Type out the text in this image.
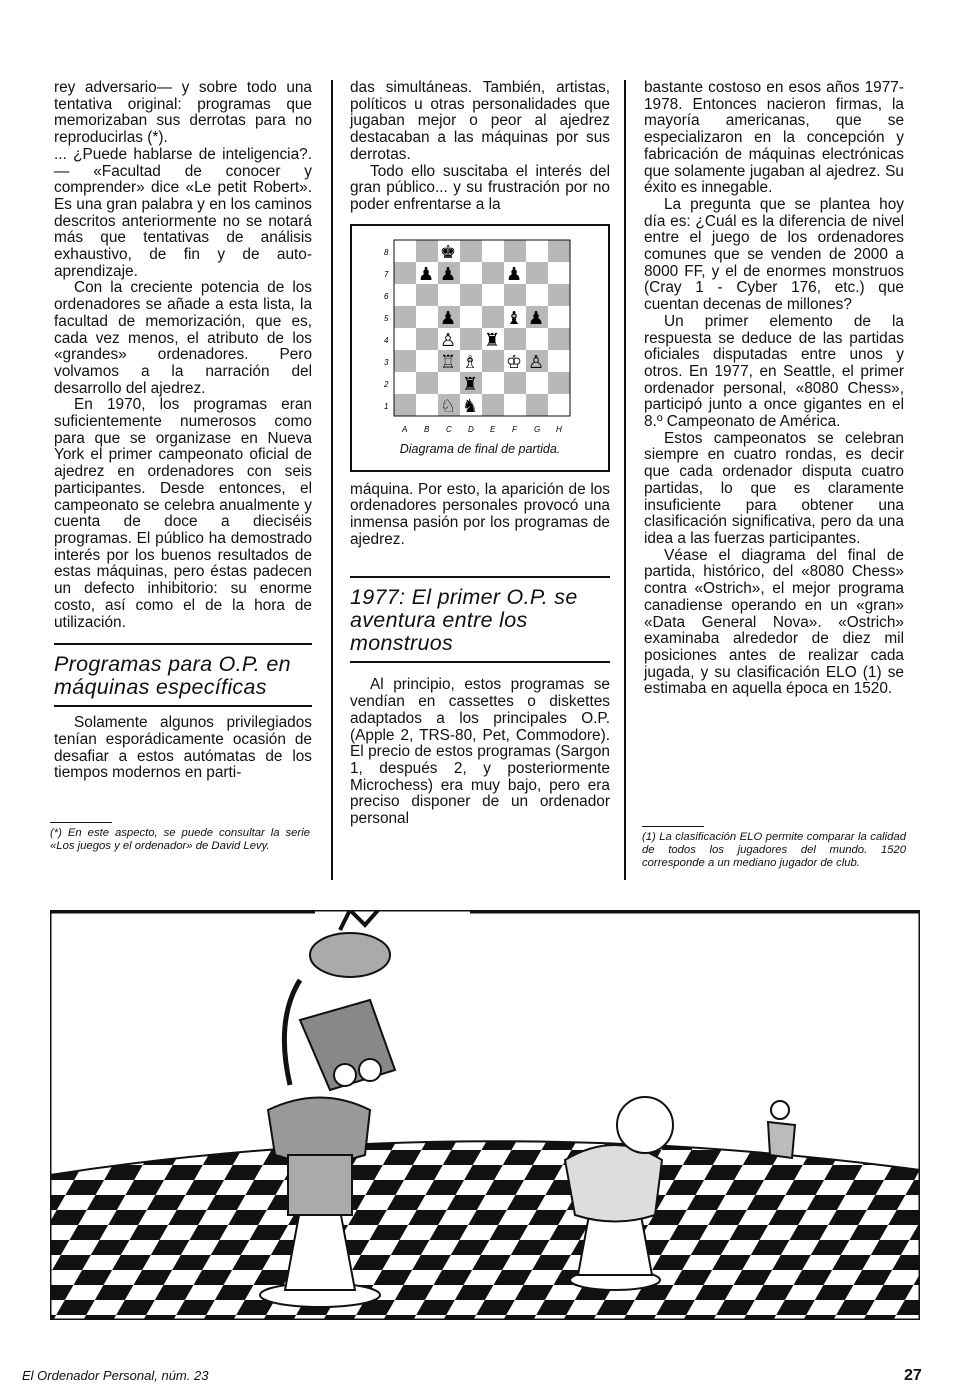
rey adversario— y sobre todo una tentativa original: programas que memorizaban sus derrotas para no reproducirlas (*).

... ¿Puede hablarse de inteligencia?.— «Facultad de conocer y comprender» dice «Le petit Robert». Es una gran palabra y en los caminos descritos anteriormente no se notará más que tentativas de análisis exhaustivo, de fin y de auto-aprendizaje.

Con la creciente potencia de los ordenadores se añade a esta lista, la facultad de memorización, que es, cada vez menos, el atributo de los «grandes» ordenadores. Pero volvamos a la narración del desarrollo del ajedrez.

En 1970, los programas eran suficientemente numerosos como para que se organizase en Nueva York el primer campeonato oficial de ajedrez en ordenadores con seis participantes. Desde entonces, el campeonato se celebra anualmente y cuenta de doce a dieciséis programas. El público ha demostrado interés por los buenos resultados de estas máquinas, pero éstas padecen un defecto inhibitorio: su enorme costo, así como el de la hora de utilización.

Programas para O.P. en máquinas específicas

Solamente algunos privilegiados tenían esporádicamente ocasión de desafiar a estos autómatas de los tiempos modernos en parti-

(*) En este aspecto, se puede consultar la serie «Los juegos y el ordenador» de David Levy.

das simultáneas. También, artistas, políticos u otras personalidades que jugaban mejor o peor al ajedrez destacaban a las máquinas por sus derrotas.

Todo ello suscitaba el interés del gran público... y su frustración por no poder enfrentarse a la

8
7
6
5
4
3
2
1
A B C D E F G H
♚
♟ ♟	♟
♟	♝ ♟
♙ ♜
♖ ♗ ♔ ♙
♜
♘ ♞
Diagrama de final de partida.

máquina. Por esto, la aparición de los ordenadores personales provocó una inmensa pasión por los programas de ajedrez.

1977: El primer O.P. se aventura entre los monstruos

Al principio, estos programas se vendían en cassettes o diskettes adaptados a los principales O.P. (Apple 2, TRS-80, Pet, Commodore). El precio de estos programas (Sargon 1, después 2, y posteriormente Microchess) era muy bajo, pero era preciso disponer de un ordenador personal

bastante costoso en esos años 1977-1978. Entonces nacieron firmas, la mayoría americanas, que se especializaron en la concepción y fabricación de máquinas electrónicas que solamente jugaban al ajedrez. Su éxito es innegable.

La pregunta que se plantea hoy día es: ¿Cuál es la diferencia de nivel entre el juego de los ordenadores comunes que se venden de 2000 a 8000 FF, y el de enormes monstruos (Cray 1 - Cyber 176, etc.) que cuentan decenas de millones?

Un primer elemento de la respuesta se deduce de las partidas oficiales disputadas entre unos y otros. En 1977, en Seattle, el primer ordenador personal, «8080 Chess», participó junto a once gigantes en el 8.º Campeonato de América.

Estos campeonatos se celebran siempre en cuatro rondas, es decir que cada ordenador disputa cuatro partidas, lo que es claramente insuficiente para obtener una clasificación significativa, pero da una idea a las fuerzas participantes.

Véase el diagrama del final de partida, histórico, del «8080 Chess» contra «Ostrich», el mejor programa canadiense operando en un «gran» «Data General Nova». «Ostrich» examinaba alrededor de diez mil posiciones antes de realizar cada jugada, y su clasificación ELO (1) se estimaba en aquella época en 1520.

(1) La clasificación ELO permite comparar la calidad de todos los jugadores del mundo. 1520 corresponde a un mediano jugador de club.
El Ordenador Personal, núm. 23	27
